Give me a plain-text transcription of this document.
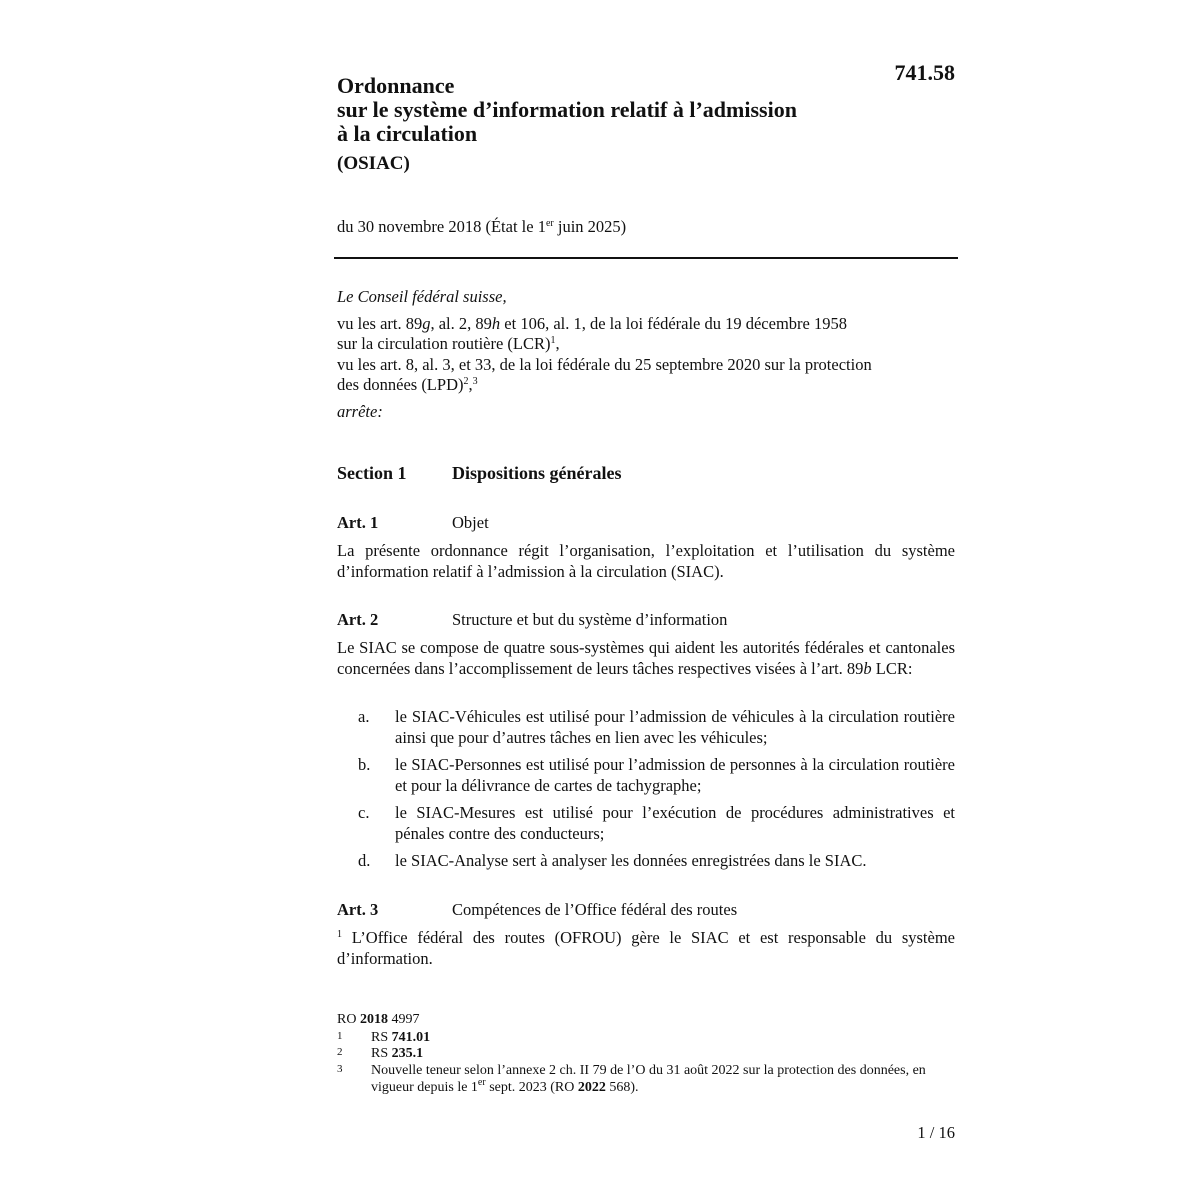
741.58
Ordonnance
sur le système d’information relatif à l’admission
à la circulation
(OSIAC)
du 30 novembre 2018 (État le 1er juin 2025)
Le Conseil fédéral suisse,
vu les art. 89g, al. 2, 89h et 106, al. 1, de la loi fédérale du 19 décembre 1958
sur la circulation routière (LCR)$^1$,
vu les art. 8, al. 3, et 33, de la loi fédérale du 25 septembre 2020 sur la protection
des données (LPD)$^2$,$^3$
arrête:
Section 1	Dispositions générales
Art. 1	Objet
La présente ordonnance régit l’organisation, l’exploitation et l’utilisation du système d’information relatif à l’admission à la circulation (SIAC).
Art. 2	Structure et but du système d’information
Le SIAC se compose de quatre sous-systèmes qui aident les autorités fédérales et cantonales concernées dans l’accomplissement de leurs tâches respectives visées à l’art. 89b LCR:
a. le SIAC-Véhicules est utilisé pour l’admission de véhicules à la circulation routière ainsi que pour d’autres tâches en lien avec les véhicules;
b. le SIAC-Personnes est utilisé pour l’admission de personnes à la circulation routière et pour la délivrance de cartes de tachygraphe;
c. le SIAC-Mesures est utilisé pour l’exécution de procédures administratives et pénales contre des conducteurs;
d. le SIAC-Analyse sert à analyser les données enregistrées dans le SIAC.
Art. 3	Compétences de l’Office fédéral des routes
$^1$ L’Office fédéral des routes (OFROU) gère le SIAC et est responsable du système d’information.
RO 2018 4997
1 RS 741.01
2 RS 235.1
3 Nouvelle teneur selon l’annexe 2 ch. II 79 de l’O du 31 août 2022 sur la protection des données, en vigueur depuis le 1er sept. 2023 (RO 2022 568).
1 / 16
